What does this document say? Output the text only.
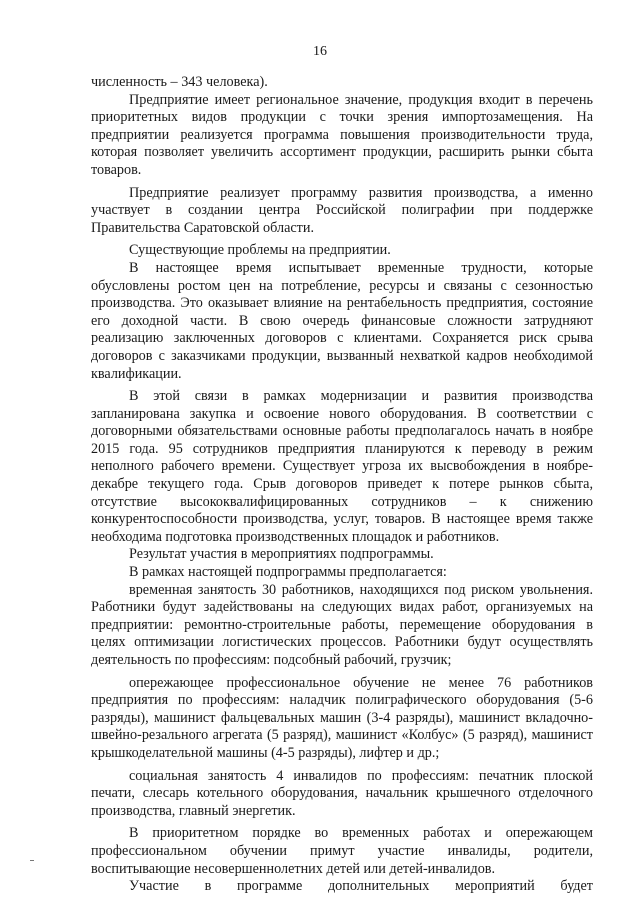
16

численность – 343 человека).

Предприятие имеет региональное значение, продукция входит в перечень приоритетных видов продукции с точки зрения импортозамещения. На предприятии реализуется программа повышения производительности труда, которая позволяет увеличить ассортимент продукции, расширить рынки сбыта товаров.

Предприятие реализует программу развития производства, а именно участвует в создании центра Российской полиграфии при поддержке Правительства Саратовской области.

Существующие проблемы на предприятии.

В настоящее время испытывает временные трудности, которые обусловлены ростом цен на потребление, ресурсы и связаны с сезонностью производства. Это оказывает влияние на рентабельность предприятия, состояние его доходной части. В свою очередь финансовые сложности затрудняют реализацию заключенных договоров с клиентами. Сохраняется риск срыва договоров с заказчиками продукции, вызванный нехваткой кадров необходимой квалификации.

В этой связи в рамках модернизации и развития производства запланирована закупка и освоение нового оборудования. В соответствии с договорными обязательствами основные работы предполагалось начать в ноябре 2015 года. 95 сотрудников предприятия планируются к переводу в режим неполного рабочего времени. Существует угроза их высвобождения в ноябре-декабре текущего года. Срыв договоров приведет к потере рынков сбыта, отсутствие высококвалифицированных сотрудников – к снижению конкурентоспособности производства, услуг, товаров. В настоящее время также необходима подготовка производственных площадок и работников.

Результат участия в мероприятиях подпрограммы.

В рамках настоящей подпрограммы предполагается:

временная занятость 30 работников, находящихся под риском увольнения. Работники будут задействованы на следующих видах работ, организуемых на предприятии: ремонтно-строительные работы, перемещение оборудования в целях оптимизации логистических процессов. Работники будут осуществлять деятельность по профессиям: подсобный рабочий, грузчик;

опережающее профессиональное обучение не менее 76 работников предприятия по профессиям: наладчик полиграфического оборудования (5-6 разряды), машинист фальцевальных машин (3-4 разряды), машинист вкладочно-швейно-резального агрегата (5 разряд), машинист «Колбус» (5 разряд), машинист крышкоделательной машины (4-5 разряды), лифтер и др.;

социальная занятость 4 инвалидов по профессиям: печатник плоской печати, слесарь котельного оборудования, начальник крышечного отделочного производства, главный энергетик.

В приоритетном порядке во временных работах и опережающем профессиональном обучении примут участие инвалиды, родители, воспитывающие несовершеннолетних детей или детей-инвалидов.

Участие в программе дополнительных мероприятий будет
